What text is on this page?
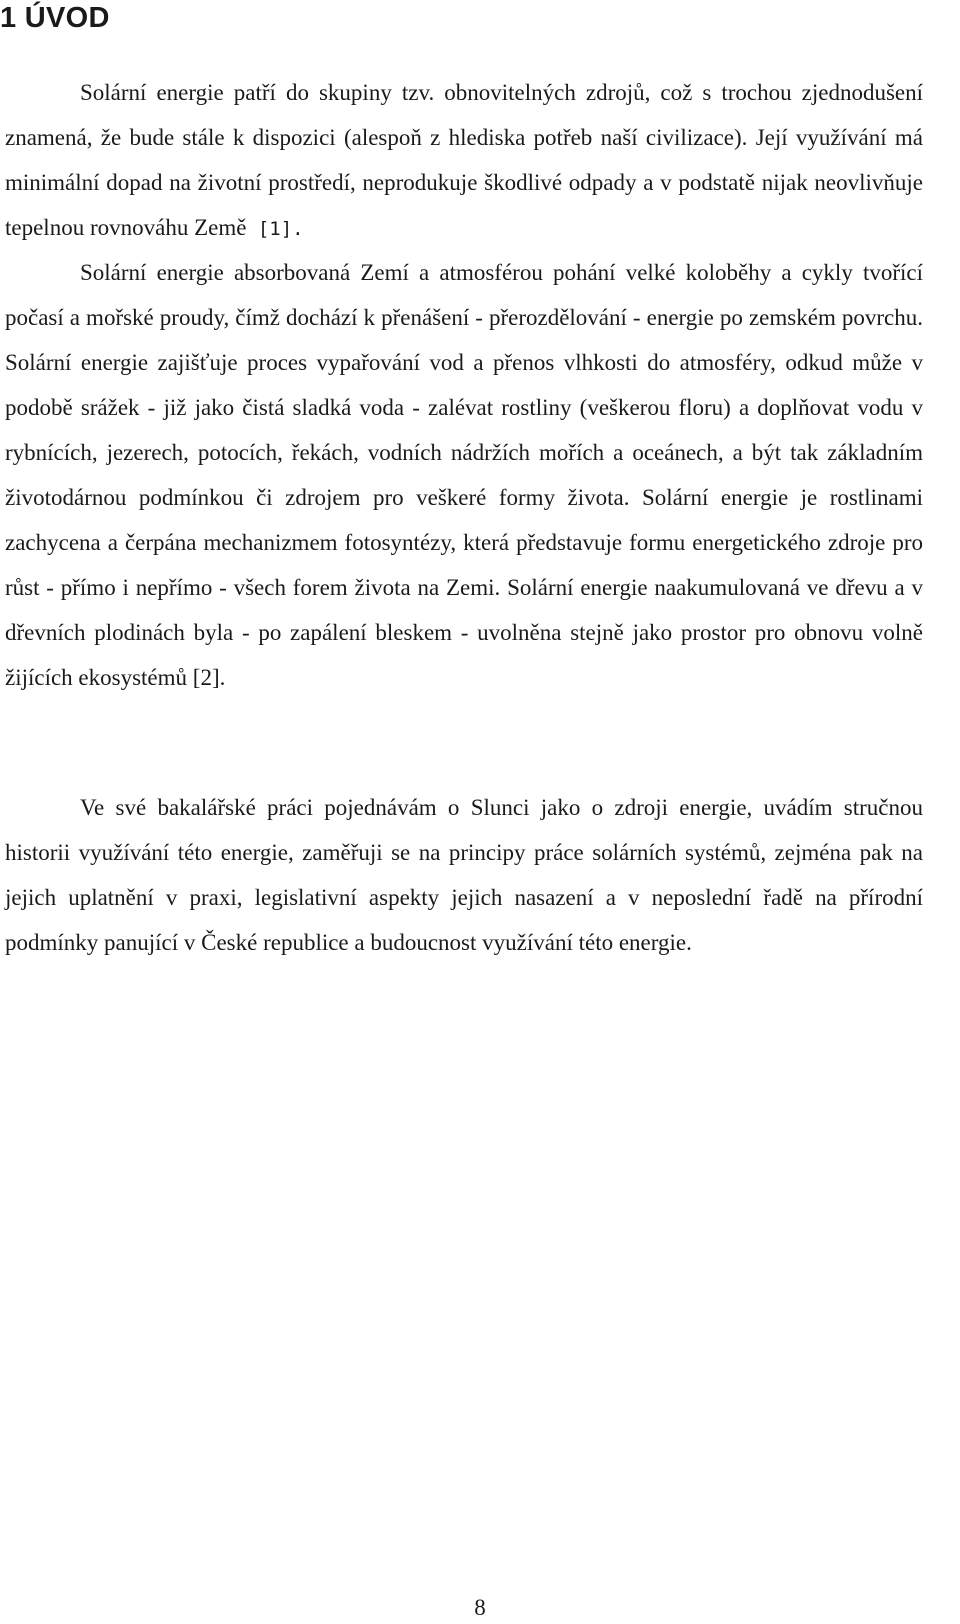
1 ÚVOD

Solární energie patří do skupiny tzv. obnovitelných zdrojů, což s trochou zjednodušení znamená, že bude stále k dispozici (alespoň z hlediska potřeb naší civilizace). Její využívání má minimální dopad na životní prostředí, neprodukuje škodlivé odpady a v podstatě nijak neovlivňuje tepelnou rovnováhu Země [1].

Solární energie absorbovaná Zemí a atmosférou pohání velké koloběhy a cykly tvořící počasí a mořské proudy, čímž dochází k přenášení - přerozdělování - energie po zemském povrchu. Solární energie zajišťuje proces vypařování vod a přenos vlhkosti do atmosféry, odkud může v podobě srážek - již jako čistá sladká voda - zalévat rostliny (veškerou floru) a doplňovat vodu v rybnících, jezerech, potocích, řekách, vodních nádržích mořích a oceánech, a být tak základním životodárnou podmínkou či zdrojem pro veškeré formy života. Solární energie je rostlinami zachycena a čerpána mechanizmem fotosyntézy, která představuje formu energetického zdroje pro růst - přímo i nepřímo - všech forem života na Zemi. Solární energie naakumulovaná ve dřevu a v dřevních plodinách byla - po zapálení bleskem - uvolněna stejně jako prostor pro obnovu volně žijících ekosystémů [2].

Ve své bakalářské práci pojednávám o Slunci jako o zdroji energie, uvádím stručnou historii využívání této energie, zaměřuji se na principy práce solárních systémů, zejména pak na jejich uplatnění v praxi, legislativní aspekty jejich nasazení a v neposlední řadě na přírodní podmínky panující v České republice a budoucnost využívání této energie.

8
